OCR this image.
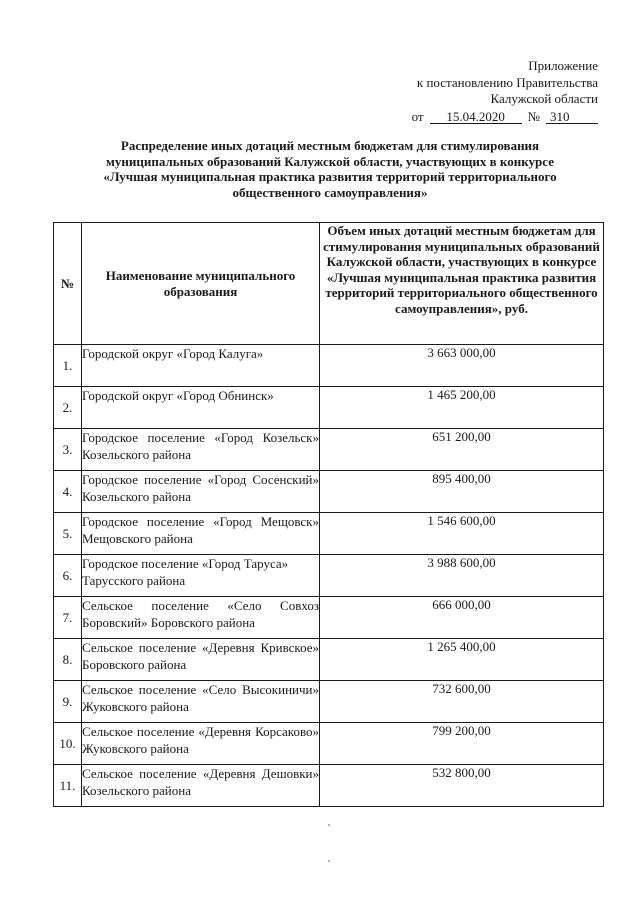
Приложение
к постановлению Правительства
Калужской области
от	15.04.2020	№ 310
Распределение иных дотаций местным бюджетам для стимулирования
муниципальных образований Калужской области, участвующих в конкурсе
«Лучшая муниципальная практика развития территорий территориального
общественного самоуправления»
№	Наименование муниципального образования	Объем иных дотаций местным бюджетам для стимулирования муниципальных образований Калужской области, участвующих в конкурсе «Лучшая муниципальная практика развития территорий территориального общественного самоуправления», руб.
1.	Городской округ «Город Калуга»	3 663 000,00
2.	Городской округ «Город Обнинск»	1 465 200,00
3.	Городское поселение «Город Козельск» Козельского района	651 200,00
4.	Городское поселение «Город Сосенский» Козельского района	895 400,00
5.	Городское поселение «Город Мещовск» Мещовского района	1 546 600,00
6.	Городское поселение «Город Таруса» Тарусского района	3 988 600,00
7.	Сельское поселение «Село Совхоз Боровский» Боровского района	666 000,00
8.	Сельское поселение «Деревня Кривское» Боровского района	1 265 400,00
9.	Сельское поселение «Село Высокиничи» Жуковского района	732 600,00
10.	Сельское поселение «Деревня Корсаково» Жуковского района	799 200,00
11.	Сельское поселение «Деревня Дешовки» Козельского района	532 800,00
